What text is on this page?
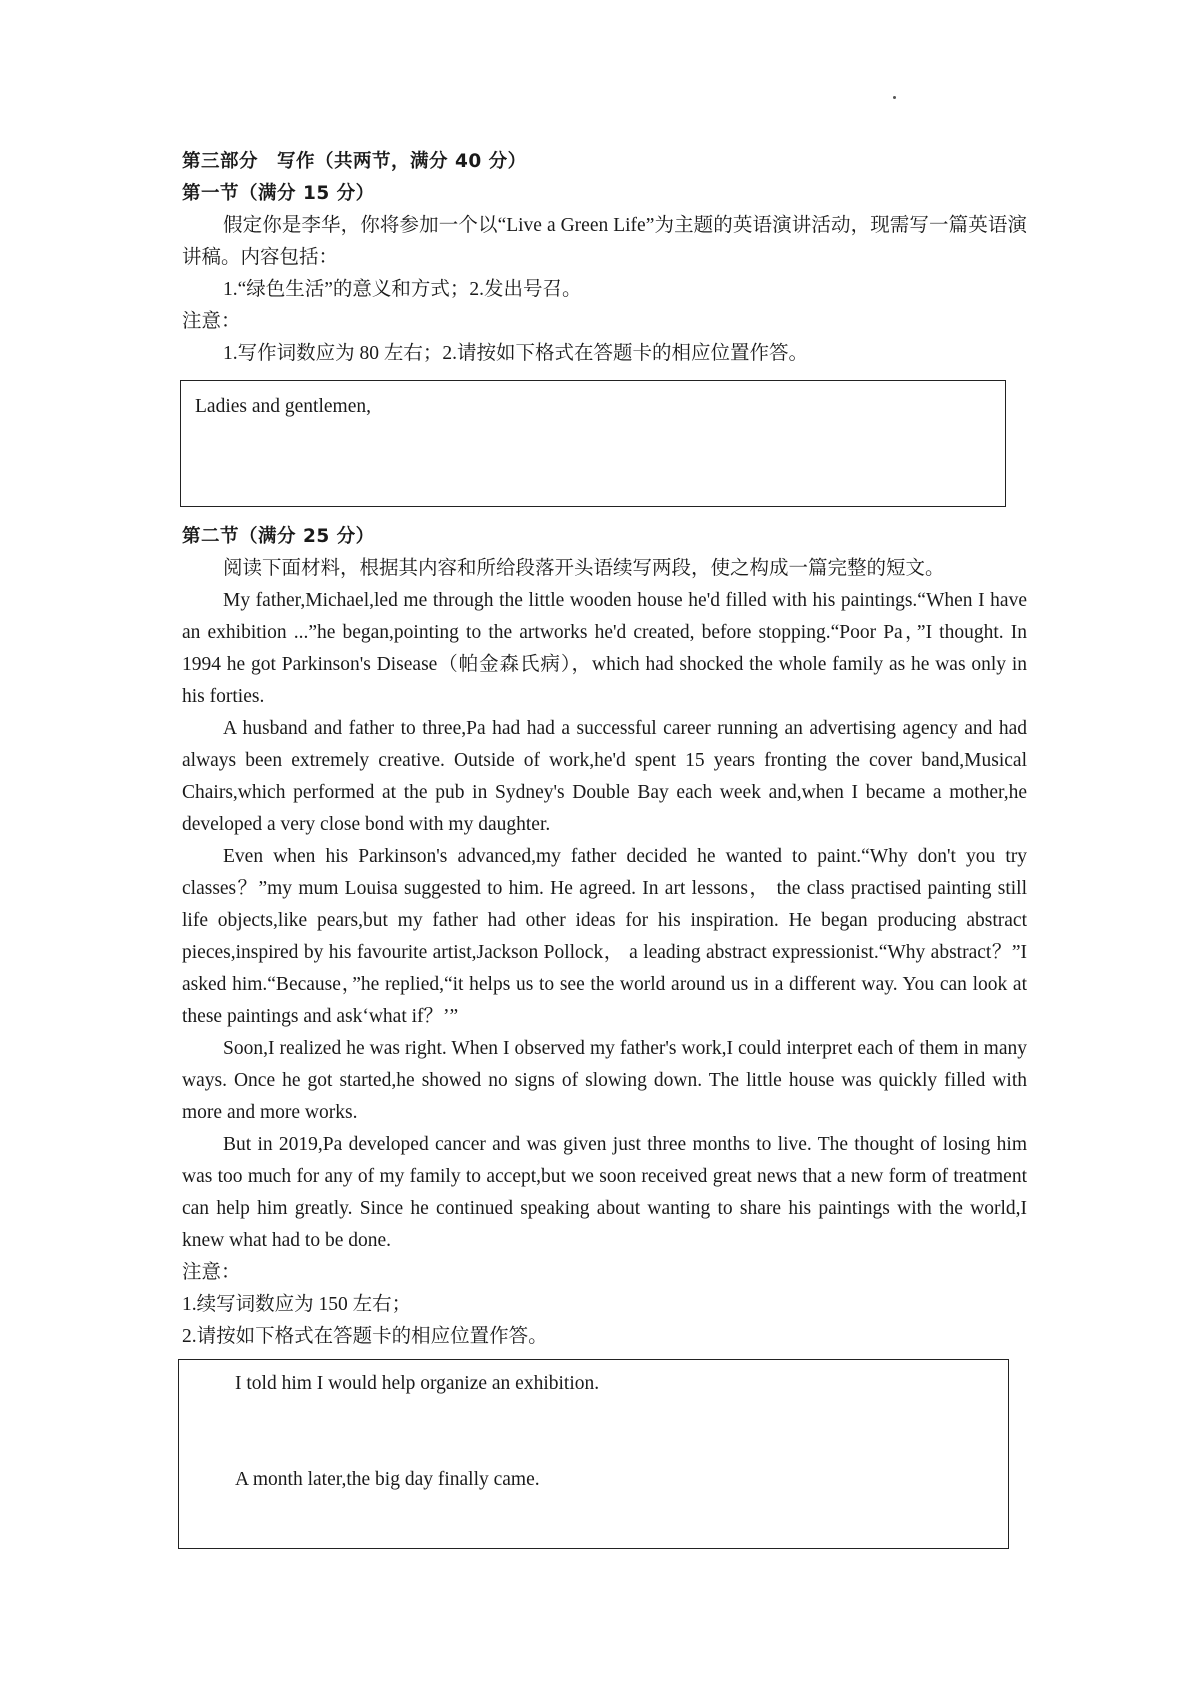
第三部分　写作（共两节，满分 40 分）
第一节（满分 15 分）
假定你是李华，你将参加一个以“Live a Green Life”为主题的英语演讲活动，现需写一篇英语演讲稿。内容包括：
1.“绿色生活”的意义和方式；2.发出号召。
注意：
1.写作词数应为 80 左右；2.请按如下格式在答题卡的相应位置作答。
Ladies and gentlemen,
第二节（满分 25 分）
阅读下面材料，根据其内容和所给段落开头语续写两段，使之构成一篇完整的短文。
My father,Michael,led me through the little wooden house he'd filled with his paintings.“When I have an exhibition ...”he began,pointing to the artworks he'd created, before stopping.“Poor Pa，”I thought. In 1994 he got Parkinson's Disease（帕金森氏病），which had shocked the whole family as he was only in his forties.
A husband and father to three,Pa had had a successful career running an advertising agency and had always been extremely creative. Outside of work,he'd spent 15 years fronting the cover band,Musical Chairs,which performed at the pub in Sydney's Double Bay each week and,when I became a mother,he developed a very close bond with my daughter.
Even when his Parkinson's advanced,my father decided he wanted to paint.“Why don't you try classes？”my mum Louisa suggested to him. He agreed. In art lessons， the class practised painting still life objects,like pears,but my father had other ideas for his inspiration. He began producing abstract pieces,inspired by his favourite artist,Jackson Pollock， a leading abstract expressionist.“Why abstract？”I asked him.“Because，”he replied,“it helps us to see the world around us in a different way. You can look at these paintings and ask‘what if？’”
Soon,I realized he was right. When I observed my father's work,I could interpret each of them in many ways. Once he got started,he showed no signs of slowing down. The little house was quickly filled with more and more works.
But in 2019,Pa developed cancer and was given just three months to live. The thought of losing him was too much for any of my family to accept,but we soon received great news that a new form of treatment can help him greatly. Since he continued speaking about wanting to share his paintings with the world,I knew what had to be done.
注意：
1.续写词数应为 150 左右；
2.请按如下格式在答题卡的相应位置作答。
I told him I would help organize an exhibition.
A month later,the big day finally came.
